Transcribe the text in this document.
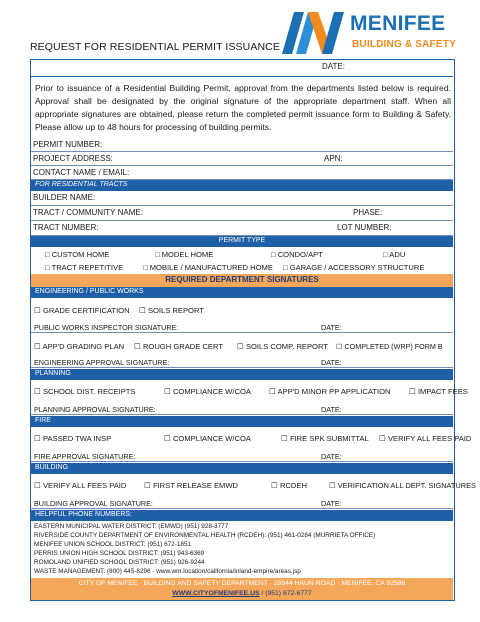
REQUEST FOR RESIDENTIAL PERMIT ISSUANCE
MENIFEE
BUILDING & SAFETY
DATE:
Prior to issuance of a Residential Building Permit, approval from the departments listed below is required. Approval shall be designated by the original signature of the appropriate department staff. When all appropriate signatures are obtained, please return the completed permit issuance form to Building & Safety. Please allow up to 48 hours for processing of building permits.
PERMIT NUMBER:
PROJECT ADDRESS:	APN:
CONTACT NAME / EMAIL:
FOR RESIDENTIAL TRACTS
BUILDER NAME:
TRACT / COMMUNITY NAME:	PHASE:
TRACT NUMBER:	LOT NUMBER:
PERMIT TYPE
□ CUSTOM HOME	□ MODEL HOME	□ CONDO/APT	□ ADU
□ TRACT REPETITIVE	□ MOBILE / MANUFACTURED HOME □ GARAGE / ACCESSORY STRUCTURE
REQUIRED DEPARTMENT SIGNATURES
ENGINEERING / PUBLIC WORKS
☐ GRADE CERTIFICATION ☐ SOILS REPORT
PUBLIC WORKS INSPECTOR SIGNATURE:	DATE:
☐ APP'D GRADING PLAN ☐ ROUGH GRADE CERT ☐ SOILS COMP. REPORT ☐ COMPLETED (WRP) FORM B
ENGINEERING APPROVAL SIGNATURE:	DATE:
PLANNING
☐ SCHOOL DIST. RECEIPTS	☐ COMPLIANCE W/COA ☐ APP'D MINOR PP APPLICATION ☐ IMPACT FEES
PLANNING APPROVAL SIGNATURE:	DATE:
FIRE
☐ PASSED TWA INSP	☐ COMPLIANCE W/COA	☐ FIRE SPK SUBMITTAL ☐ VERIFY ALL FEES PAID
FIRE APPROVAL SIGNATURE:	DATE:
BUILDING
☐ VERIFY ALL FEES PAID ☐ FIRST RELEASE EMWD	☐ RCDEH	☐ VERIFICATION ALL DEPT. SIGNATURES
BUILDING APPROVAL SIGNATURE:	DATE:
HELPFUL PHONE NUMBERS:
EASTERN MUNICIPAL WATER DISTRICT: (EMWD) (951) 928-3777
RIVERSIDE COUNTY DEPARTMENT OF ENVIRONMENTAL HEALTH (RCDEH): (951) 461-0284 (MURRIETA OFFICE)
MENIFEE UNION SCHOOL DISTRICT: (951) 672-1851
PERRIS UNION HIGH SCHOOL DISTRICT: (951) 943-6369
ROMOLAND UNIFIED SCHOOL DISTRICT: (951) 926-9244
WASTE MANAGEMENT: (800) 445-8296 · www.wm.location/california/inland-empire/areas.jsp
CITY OF MENIFEE · BUILDING AND SAFETY DEPARTMENT · 29844 HAUN ROAD · MENIFEE, CA 92586
WWW.CITYOFMENIFEE.US / (951) 672-6777
